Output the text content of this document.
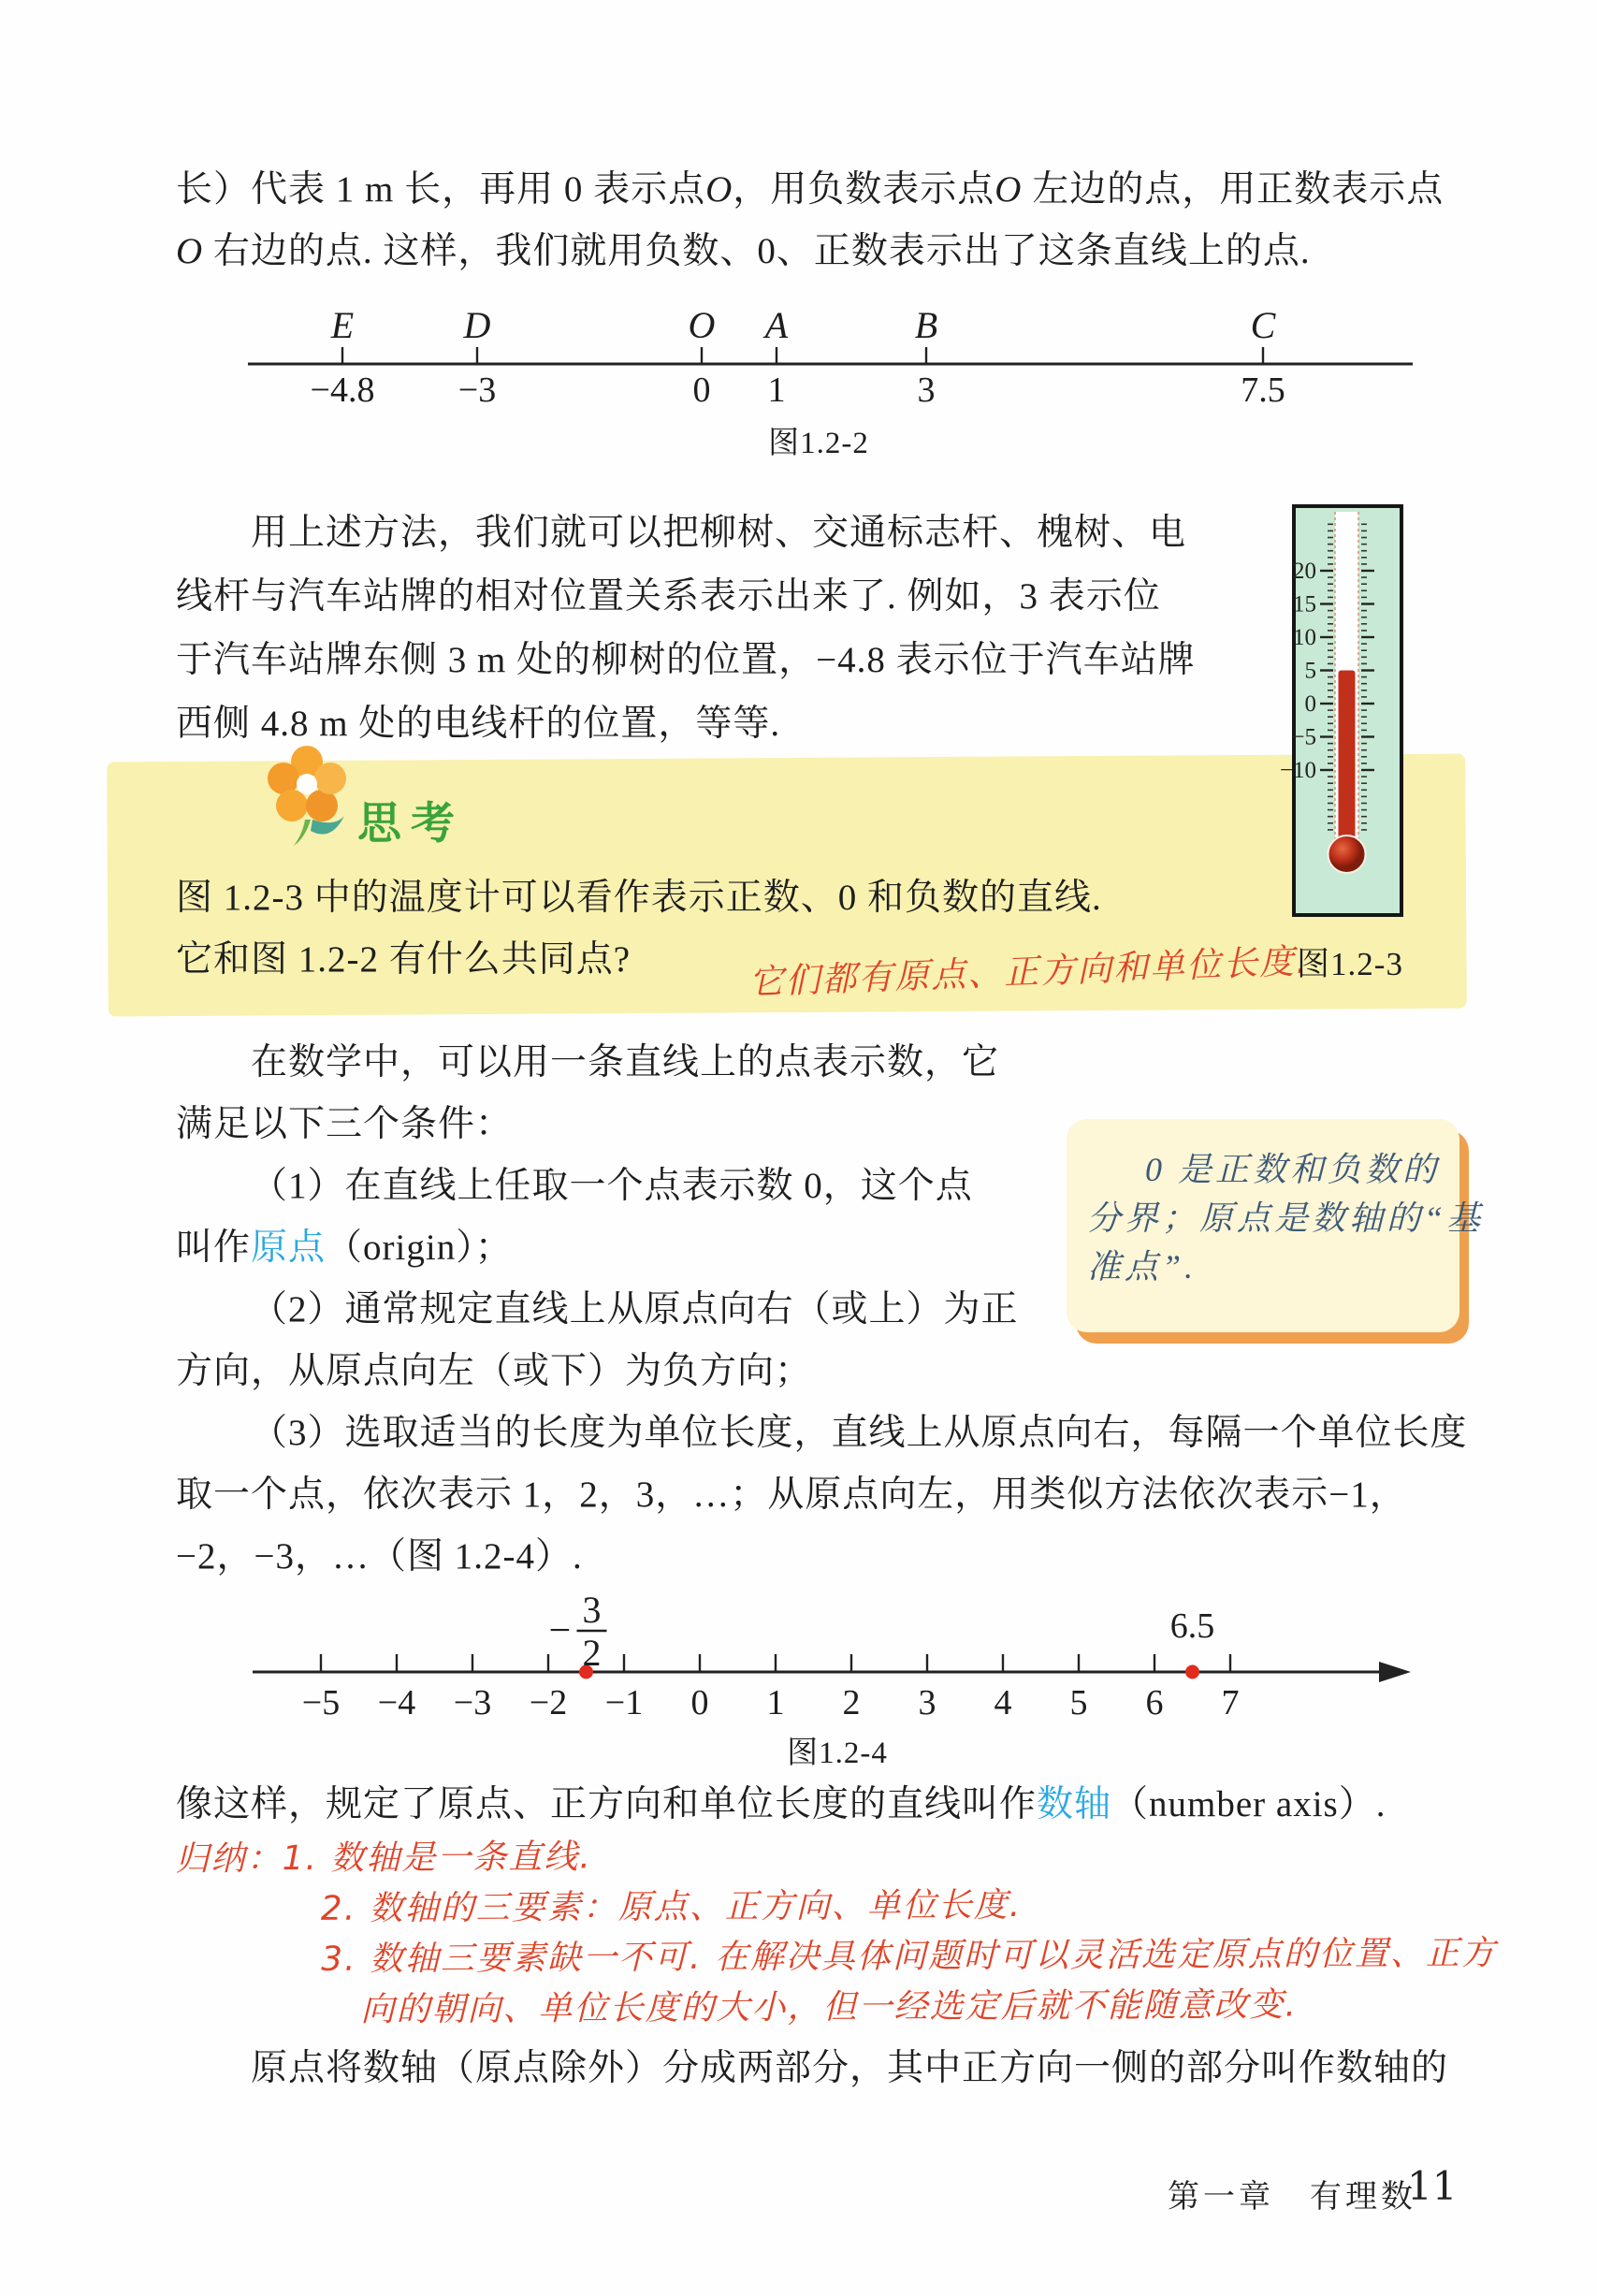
长）代表 1 m 长，再用 0 表示点O，用负数表示点O 左边的点，用正数表示点
O 右边的点. 这样，我们就用负数、0、正数表示出了这条直线上的点.
E
−4.8
D
−3
O
0
A
1
B
3
C
7.5
图1.2-2
用上述方法，我们就可以把柳树、交通标志杆、槐树、电
线杆与汽车站牌的相对位置关系表示出来了. 例如，3 表示位
于汽车站牌东侧 3 m 处的柳树的位置，−4.8 表示位于汽车站牌
西侧 4.8 m 处的电线杆的位置，等等.
思考
图 1.2-3 中的温度计可以看作表示正数、0 和负数的直线.
它和图 1.2-2 有什么共同点?	它们都有原点、正方向和单位长度.
20
15
10
5
0
−5
−10
图1.2-3
在数学中，可以用一条直线上的点表示数，它
满足以下三个条件：
（1）在直线上任取一个点表示数 0，这个点
叫作原点（origin）；
（2）通常规定直线上从原点向右（或上）为正
方向，从原点向左（或下）为负方向；
（3）选取适当的长度为单位长度，直线上从原点向右，每隔一个单位长度
取一个点，依次表示 1，2，3，…；从原点向左，用类似方法依次表示−1，
−2，−3，…（图 1.2-4）.
0 是正数和负数的
分界；原点是数轴的“基
准点”.
−5 −4 −3 −2 −1 0 1 2 3 4 5 6 7
− 3
2
6.5
图1.2-4
像这样，规定了原点、正方向和单位长度的直线叫作数轴（number axis）.
归纳：1. 数轴是一条直线.
2. 数轴的三要素：原点、正方向、单位长度.
3. 数轴三要素缺一不可. 在解决具体问题时可以灵活选定原点的位置、正方
向的朝向、单位长度的大小，但一经选定后就不能随意改变.
原点将数轴（原点除外）分成两部分，其中正方向一侧的部分叫作数轴的
第一章　有理数
11
